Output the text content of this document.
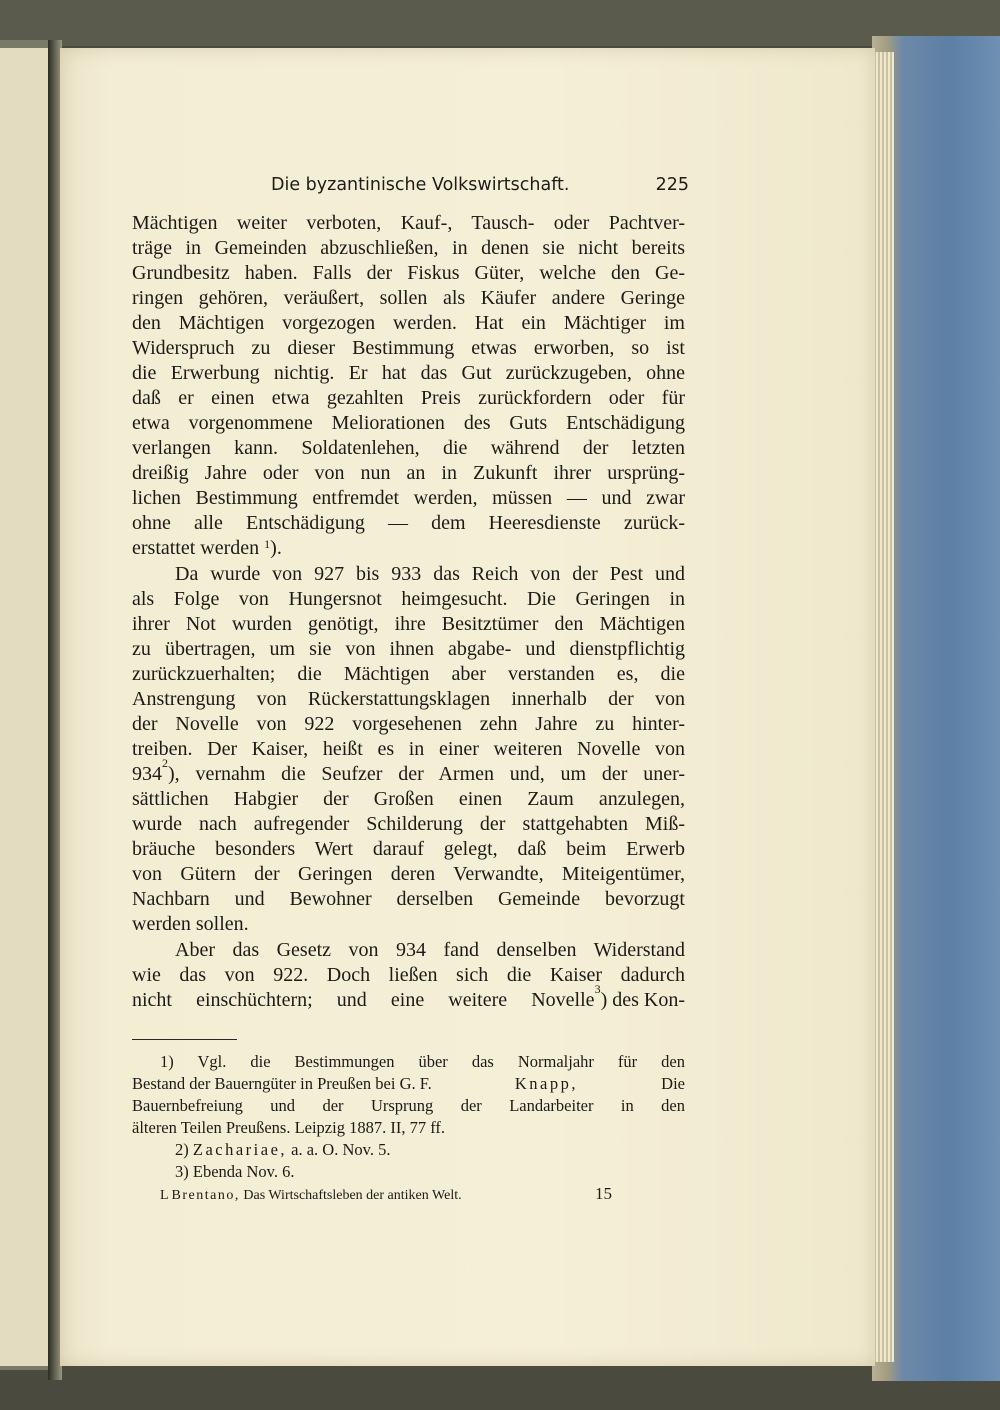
Die byzantinische Volkswirtschaft.	225
Mächtigen weiter verboten, Kauf-, Tausch- oder Pachtver-
träge in Gemeinden abzuschließen, in denen sie nicht bereits
Grundbesitz haben. Falls der Fiskus Güter, welche den Ge-
ringen gehören, veräußert, sollen als Käufer andere Geringe
den Mächtigen vorgezogen werden. Hat ein Mächtiger im
Widerspruch zu dieser Bestimmung etwas erworben, so ist
die Erwerbung nichtig. Er hat das Gut zurückzugeben, ohne
daß er einen etwa gezahlten Preis zurückfordern oder für
etwa vorgenommene Meliorationen des Guts Entschädigung
verlangen kann. Soldatenlehen, die während der letzten
dreißig Jahre oder von nun an in Zukunft ihrer ursprüng-
lichen Bestimmung entfremdet werden, müssen — und zwar
ohne alle Entschädigung — dem Heeresdienste zurück-
erstattet werden $^1$).
Da wurde von 927 bis 933 das Reich von der Pest und
als Folge von Hungersnot heimgesucht. Die Geringen in
ihrer Not wurden genötigt, ihre Besitztümer den Mächtigen
zu übertragen, um sie von ihnen abgabe- und dienstpflichtig
zurückzuerhalten; die Mächtigen aber verstanden es, die
Anstrengung von Rückerstattungsklagen innerhalb der von
der Novelle von 922 vorgesehenen zehn Jahre zu hinter-
treiben. Der Kaiser, heißt es in einer weiteren Novelle von
934 2 ), vernahm die Seufzer der Armen und, um der uner-
sättlichen Habgier der Großen einen Zaum anzulegen,
wurde nach aufregender Schilderung der stattgehabten Miß-
bräuche besonders Wert darauf gelegt, daß beim Erwerb
von Gütern der Geringen deren Verwandte, Miteigentümer,
Nachbarn und Bewohner derselben Gemeinde bevorzugt
werden sollen.
Aber das Gesetz von 934 fand denselben Widerstand
wie das von 922. Doch ließen sich die Kaiser dadurch
nicht einschüchtern; und eine weitere Novelle 3 ) des Kon-
1) Vgl. die Bestimmungen über das Normaljahr für den
Bestand der Bauerngüter in Preußen bei G. F.	Knapp,	Die
Bauernbefreiung und der Ursprung der Landarbeiter in den
älteren Teilen Preußens. Leipzig 1887. II, 77 ff.
2) Zachariae, a. a. O. Nov. 5.
3) Ebenda Nov. 6.
L Brentano, Das Wirtschaftsleben der antiken Welt.	15
